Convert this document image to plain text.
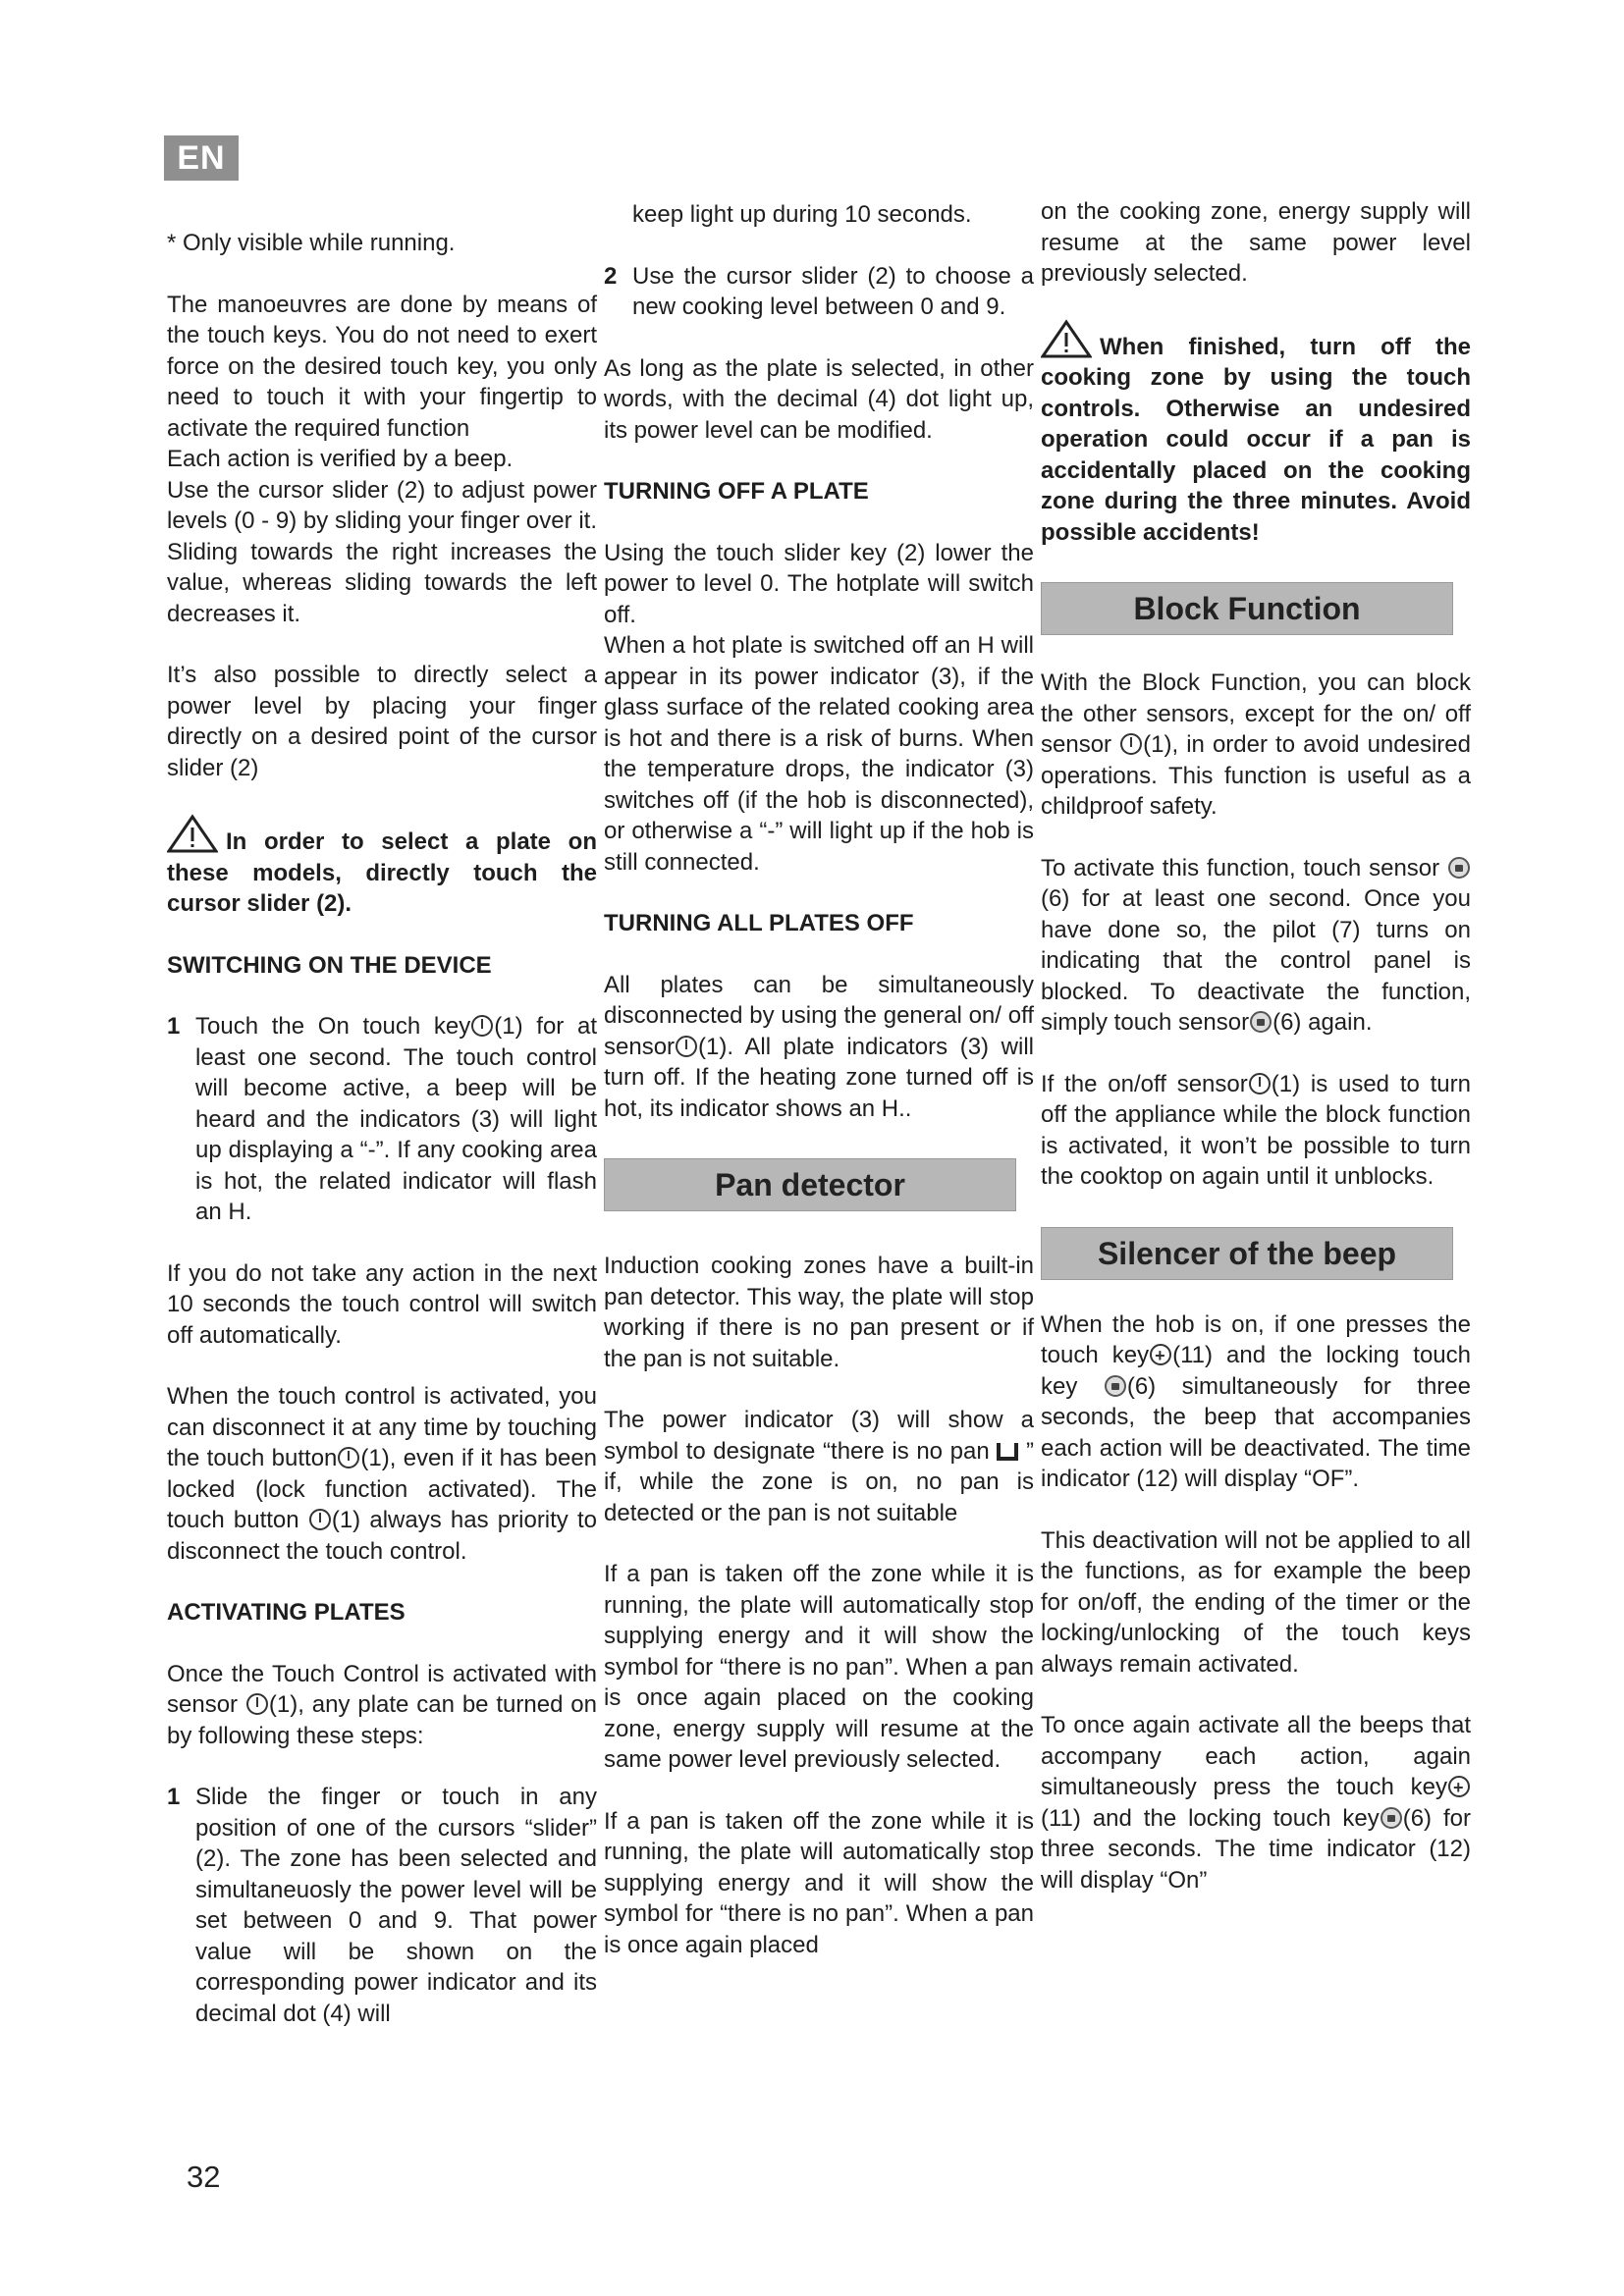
EN

* Only visible while running.

The manoeuvres are done by means of the touch keys. You do not need to exert force on the desired touch key, you only need to touch it with your fingertip to activate the required function

Each action is verified by a beep.

Use the cursor slider (2) to adjust power levels (0 - 9) by sliding your finger over it. Sliding towards the right increases the value, whereas sliding towards the left decreases it.

It’s also possible to directly select a power level by placing your finger directly on a desired point of the cursor slider (2)

In order to select a plate on these models, directly touch the cursor slider (2).

SWITCHING ON THE DEVICE

1 Touch the On touch key (1) for at least one second. The touch control will become active, a beep will be heard and the indicators (3) will light up displaying a “-”. If any cooking area is hot, the related indicator will flash an H.

If you do not take any action in the next 10 seconds the touch control will switch off automatically.

When the touch control is activated, you can disconnect it at any time by touching the touch button (1), even if it has been locked (lock function activated). The touch button (1) always has priority to disconnect the touch control.

ACTIVATING PLATES

Once the Touch Control is activated with sensor (1), any plate can be turned on by following these steps:

1 Slide the finger or touch in any position of one of the cursors “slider” (2). The zone has been selected and simultaneuosly the power level will be set between 0 and 9. That power value will be shown on the corresponding power indicator and its decimal dot (4) will

keep light up during 10 seconds.

2 Use the cursor slider (2) to choose a new cooking level between 0 and 9.

As long as the plate is selected, in other words, with the decimal (4) dot light up, its power level can be modified.

TURNING OFF A PLATE

Using the touch slider key (2) lower the power to level 0. The hotplate will switch off.

When a hot plate is switched off an H will appear in its power indicator (3), if the glass surface of the related cooking area is hot and there is a risk of burns. When the temperature drops, the indicator (3) switches off (if the hob is disconnected), or otherwise a “-” will light up if the hob is still connected.

TURNING ALL PLATES OFF

All plates can be simultaneously disconnected by using the general on/ off sensor (1). All plate indicators (3) will turn off. If the heating zone turned off is hot, its indicator shows an H..

Pan detector

Induction cooking zones have a built-in pan detector. This way, the plate will stop working if there is no pan present or if the pan is not suitable.

The power indicator (3) will show a symbol to designate “there is no pan ” if, while the zone is on, no pan is detected or the pan is not suitable

If a pan is taken off the zone while it is running, the plate will automatically stop supplying energy and it will show the symbol for “there is no pan”. When a pan is once again placed on the cooking zone, energy supply will resume at the same power level previously selected.

If a pan is taken off the zone while it is running, the plate will automatically stop supplying energy and it will show the symbol for “there is no pan”. When a pan is once again placed

on the cooking zone, energy supply will resume at the same power level previously selected.

When finished, turn off the cooking zone by using the touch controls. Otherwise an undesired operation could occur if a pan is accidentally placed on the cooking zone during the three minutes. Avoid possible accidents!

Block Function

With the Block Function, you can block the other sensors, except for the on/ off sensor (1), in order to avoid undesired operations. This function is useful as a childproof safety.

To activate this function, touch sensor  (6) for at least one second. Once you have done so, the pilot (7) turns on indicating that the control panel is blocked. To deactivate the function, simply touch sensor (6) again.

If the on/off sensor (1) is used to turn off the appliance while the block function is activated, it won’t be possible to turn the cooktop on again until it unblocks.

Silencer of the beep

When the hob is on, if one presses the touch key+ (11) and the locking touch key (6) simultaneously for three seconds, the beep that accompanies each action will be deactivated. The time indicator (12) will display “OF”.

This deactivation will not be applied to all the functions, as for example the beep for on/off, the ending of the timer or the locking/unlocking of the touch keys always remain activated.

To once again activate all the beeps that accompany each action, again simultaneously press the touch key+ (11) and the locking touch key (6) for three seconds. The time indicator (12) will display “On”

32
